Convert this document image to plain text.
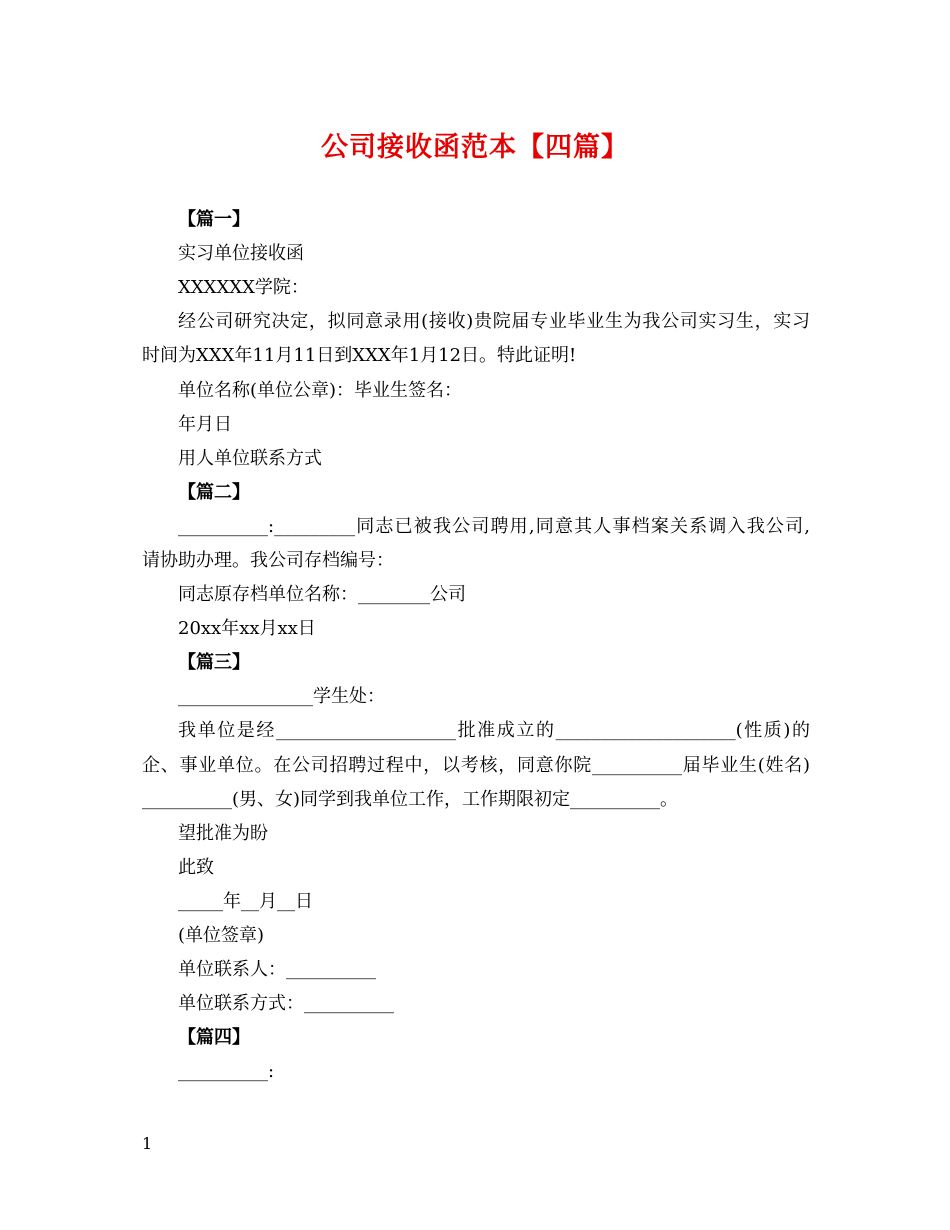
公司接收函范本【四篇】
【篇一】
实习单位接收函
XXXXXX学院：
经公司研究决定，拟同意录用(接收)贵院届专业毕业生为我公司实习生，实习
时间为XXX年11月11日到XXX年1月12日。特此证明!
单位名称(单位公章)：毕业生签名：
年月日
用人单位联系方式
【篇二】
__________:_________同志已被我公司聘用,同意其人事档案关系调入我公司,
请协助办理。我公司存档编号：
同志原存档单位名称：________公司
20xx年xx月xx日
【篇三】
_______________学生处：
我单位是经____________________批准成立的____________________(性质)的
企、事业单位。在公司招聘过程中，以考核，同意你院__________届毕业生(姓名)
__________(男、女)同学到我单位工作，工作期限初定__________。
望批准为盼
此致
_____年__月__日
(单位签章)
单位联系人：__________
单位联系方式：__________
【篇四】
__________:
1
